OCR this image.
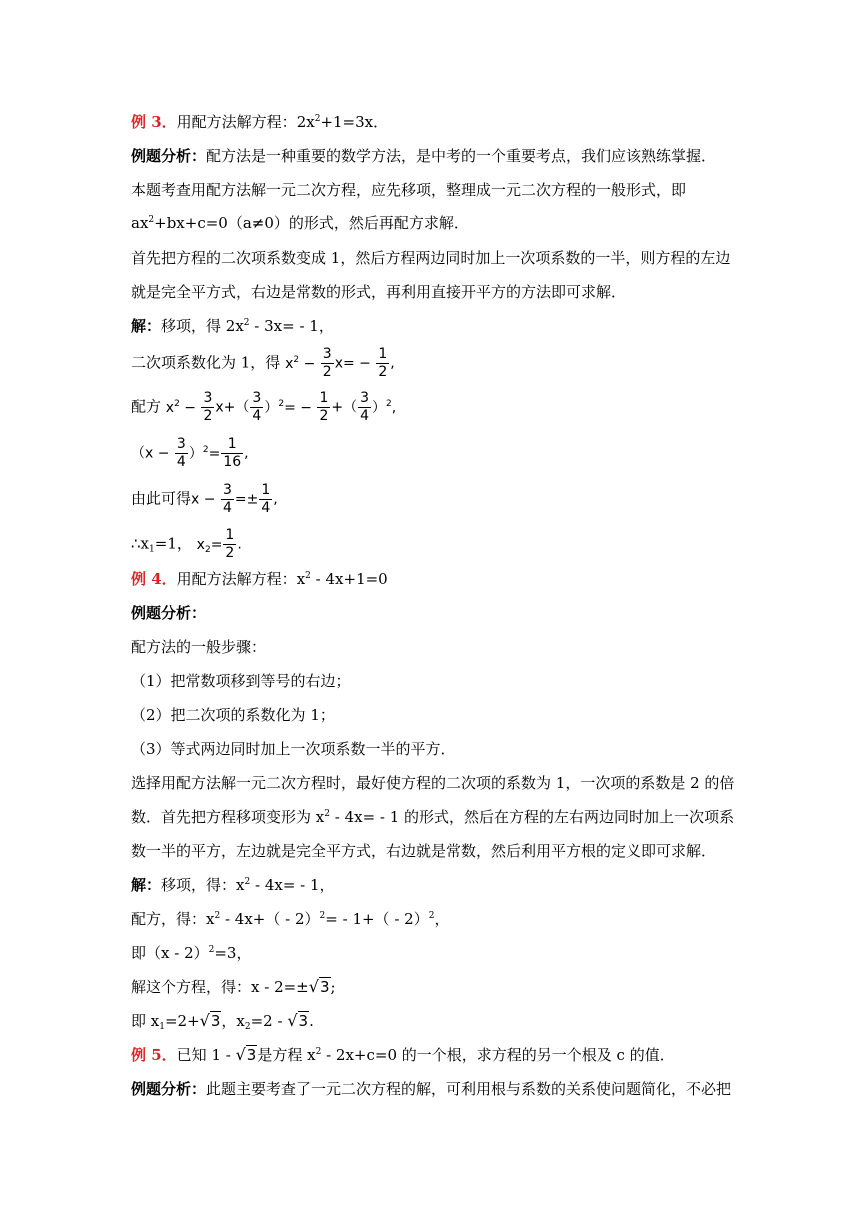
例 3．用配方法解方程：$2x^2+1=3x$．
例题分析：配方法是一种重要的数学方法，是中考的一个重要考点，我们应该熟练掌握．
本题考查用配方法解一元二次方程，应先移项，整理成一元二次方程的一般形式，即
$ax^2+bx+c=0(a\ne 0)$的形式，然后再配方求解．
首先把方程的二次项系数变成 1，然后方程两边同时加上一次项系数的一半，则方程的左边
就是完全平方式，右边是常数的形式，再利用直接开平方的方法即可求解．
解：移项，得 $2x^2 - 3x= - 1$，
二次项系数化为 1，得 $x^2 - \frac{3}{2} x= - \frac{1}{2}$ ,
配方 $x^2 - \frac{3}{2} x+( \frac{3}{4} )^2= - \frac{1}{2}$ +（ $\frac{3}{4} )^2$,
$(x - \frac{3}{4} )^2= \frac{1}{16}$ ,
由此可得$x - \frac{3}{4} =\pm \frac{1}{4}$ ,
$\therefore x_1=1$， $x_2= \frac{1}{2}$ .
例 4．用配方法解方程：$x^2 - 4x+1=0$
例题分析：
配方法的一般步骤：
（1）把常数项移到等号的右边；
（2）把二次项的系数化为 1；
（3）等式两边同时加上一次项系数一半的平方．
选择用配方法解一元二次方程时，最好使方程的二次项的系数为 1，一次项的系数是 2 的倍
数．首先把方程移项变形为 $x^2 - 4x= - 1$ 的形式，然后在方程的左右两边同时加上一次项系
数一半的平方，左边就是完全平方式，右边就是常数，然后利用平方根的定义即可求解．
解：移项，得：$x^2 - 4x= - 1$，
配方，得：$x^2 - 4x+( - 2)^2= - 1+( - 2)^2$，
即（x - 2）$^2$=3，
解这个方程，得：x - 2=±√3;
即 $x_1=2+√3$，$x_2=2 - √3$.
例 5．已知 1 - √3是方程 $x^2 - 2x+c=0$ 的一个根，求方程的另一个根及 c 的值．
例题分析：此题主要考查了一元二次方程的解，可利用根与系数的关系使问题简化，不必把
